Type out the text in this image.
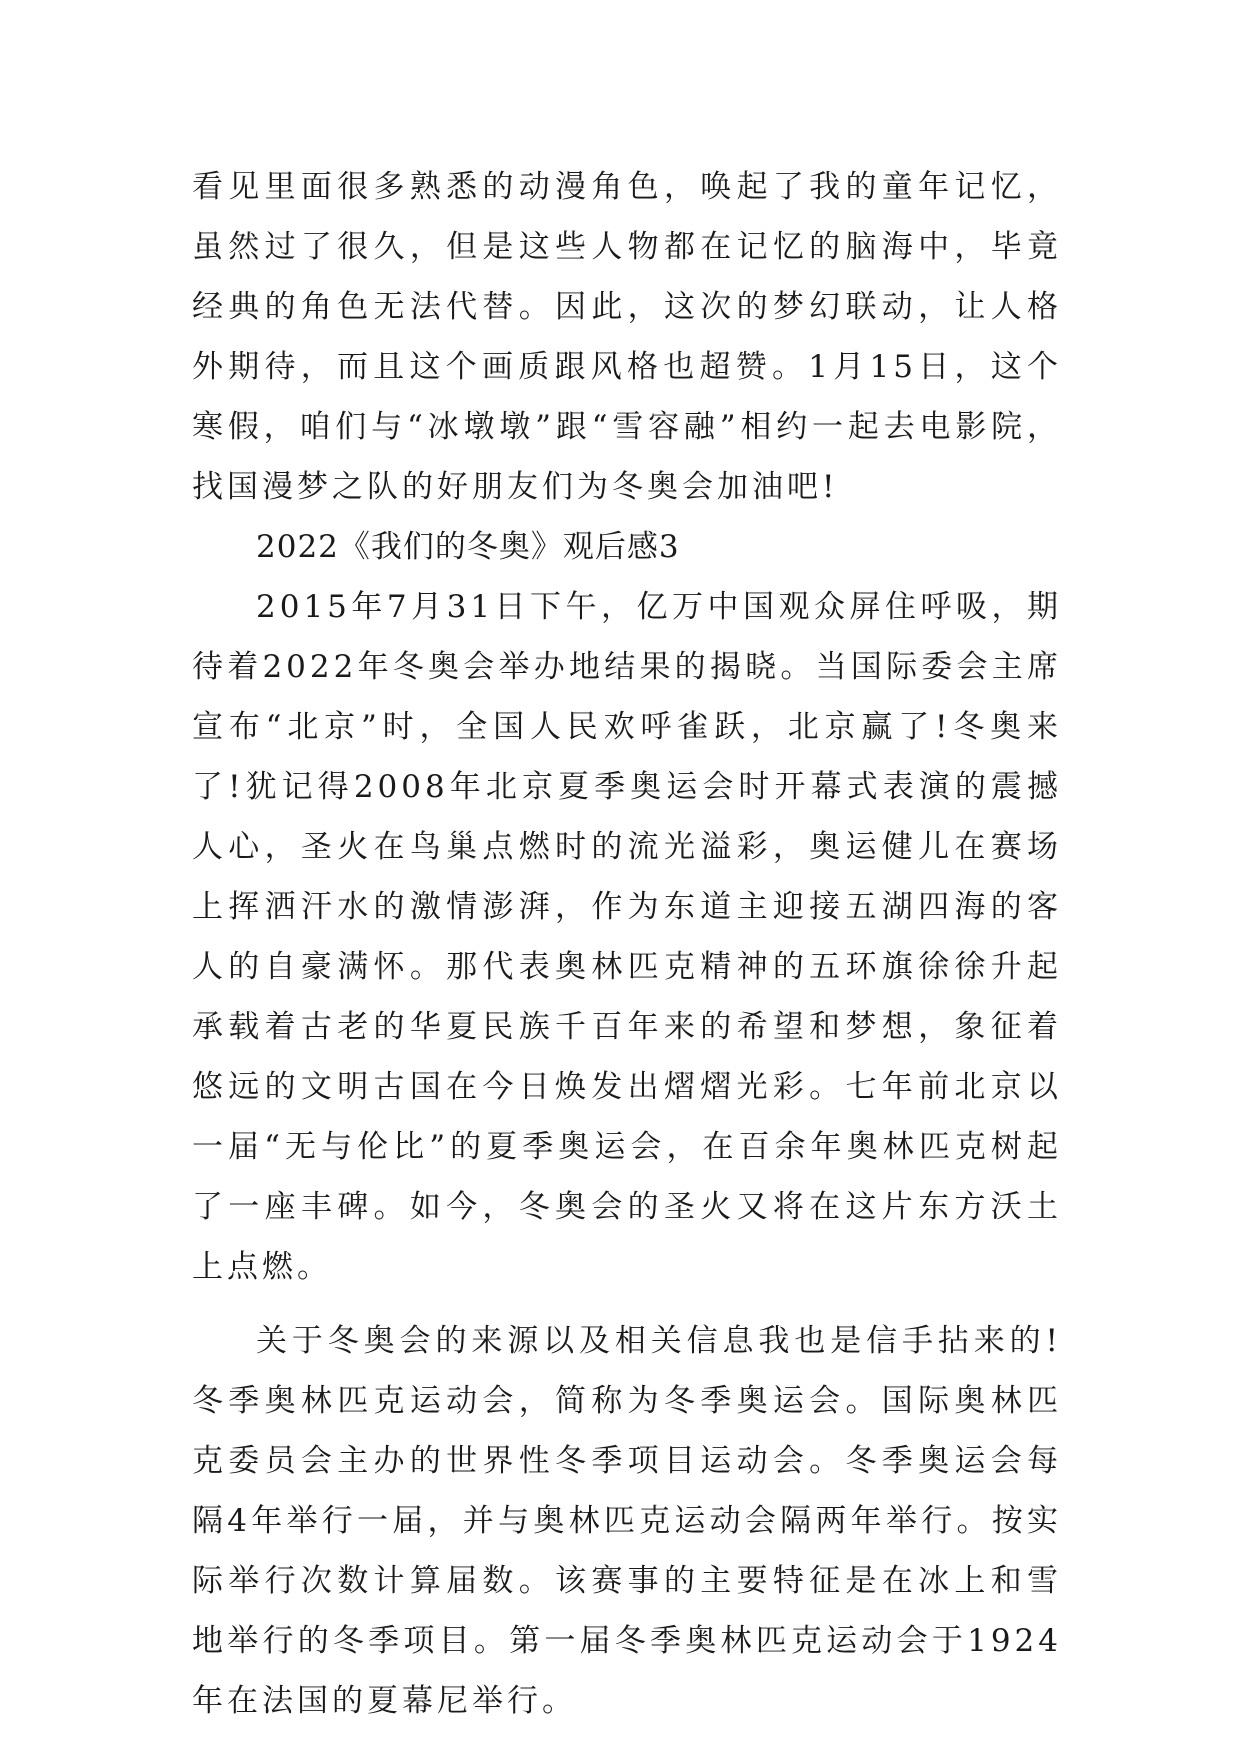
看见里面很多熟悉的动漫角色，唤起了我的童年记忆，虽然过了很久，但是这些人物都在记忆的脑海中，毕竟经典的角色无法代替。因此，这次的梦幻联动，让人格外期待，而且这个画质跟风格也超赞。1月15日，这个寒假，咱们与“冰墩墩”跟“雪容融”相约一起去电影院，找国漫梦之队的好朋友们为冬奥会加油吧!

2022《我们的冬奥》观后感3

2015年7月31日下午，亿万中国观众屏住呼吸，期待着2022年冬奥会举办地结果的揭晓。当国际委会主席宣布“北京”时，全国人民欢呼雀跃，北京赢了!冬奥来了!犹记得2008年北京夏季奥运会时开幕式表演的震撼人心，圣火在鸟巢点燃时的流光溢彩，奥运健儿在赛场上挥洒汗水的激情澎湃，作为东道主迎接五湖四海的客人的自豪满怀。那代表奥林匹克精神的五环旗徐徐升起承载着古老的华夏民族千百年来的希望和梦想，象征着悠远的文明古国在今日焕发出熠熠光彩。七年前北京以一届“无与伦比”的夏季奥运会，在百余年奥林匹克树起了一座丰碑。如今，冬奥会的圣火又将在这片东方沃土上点燃。

关于冬奥会的来源以及相关信息我也是信手拈来的!冬季奥林匹克运动会，简称为冬季奥运会。国际奥林匹克委员会主办的世界性冬季项目运动会。冬季奥运会每隔4年举行一届，并与奥林匹克运动会隔两年举行。按实际举行次数计算届数。该赛事的主要特征是在冰上和雪地举行的冬季项目。第一届冬季奥林匹克运动会于1924年在法国的夏幕尼举行。
